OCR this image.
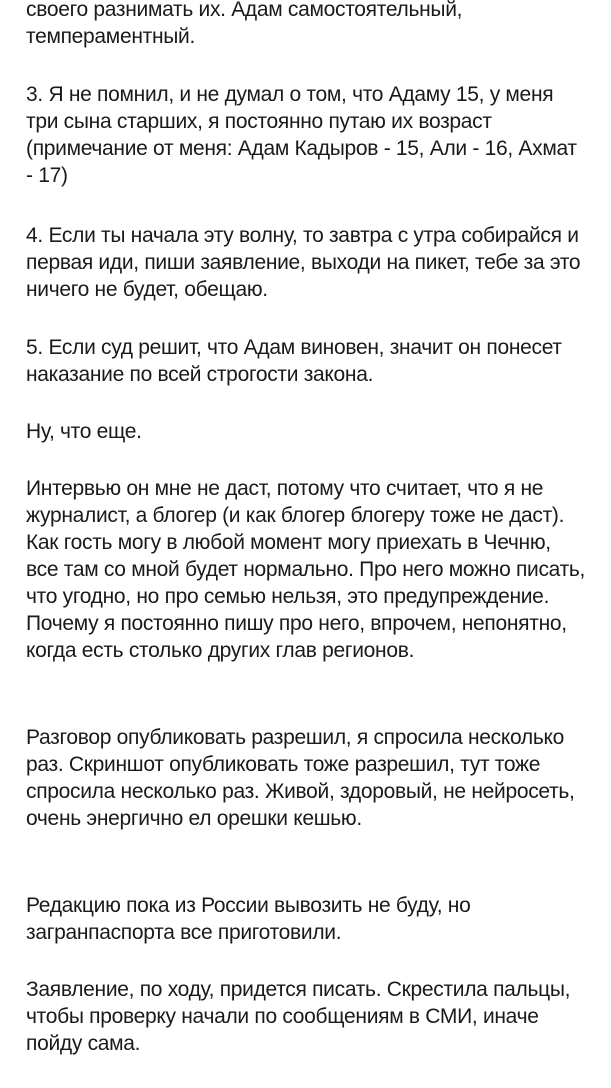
своего разнимать их. Адам самостоятельный, темпераментный.

3. Я не помнил, и не думал о том, что Адаму 15, у меня три сына старших, я постоянно путаю их возраст (примечание от меня: Адам Кадыров - 15, Али - 16, Ахмат - 17)

4. Если ты начала эту волну, то завтра с утра собирайся и первая иди, пиши заявление, выходи на пикет, тебе за это ничего не будет, обещаю.

5. Если суд решит, что Адам виновен, значит он понесет наказание по всей строгости закона.

Ну, что еще.

Интервью он мне не даст, потому что считает, что я не журналист, а блогер (и как блогер блогеру тоже не даст). Как гость могу в любой момент могу приехать в Чечню, все там со мной будет нормально. Про него можно писать, что угодно, но про семью нельзя, это предупреждение. Почему я постоянно пишу про него, впрочем, непонятно, когда есть столько других глав регионов.

Разговор опубликовать разрешил, я спросила несколько раз. Скриншот опубликовать тоже разрешил, тут тоже спросила несколько раз. Живой, здоровый, не нейросеть, очень энергично ел орешки кешью.

Редакцию пока из России вывозить не буду, но загранпаспорта все приготовили.

Заявление, по ходу, придется писать. Скрестила пальцы, чтобы проверку начали по сообщениям в СМИ, иначе пойду сама.
